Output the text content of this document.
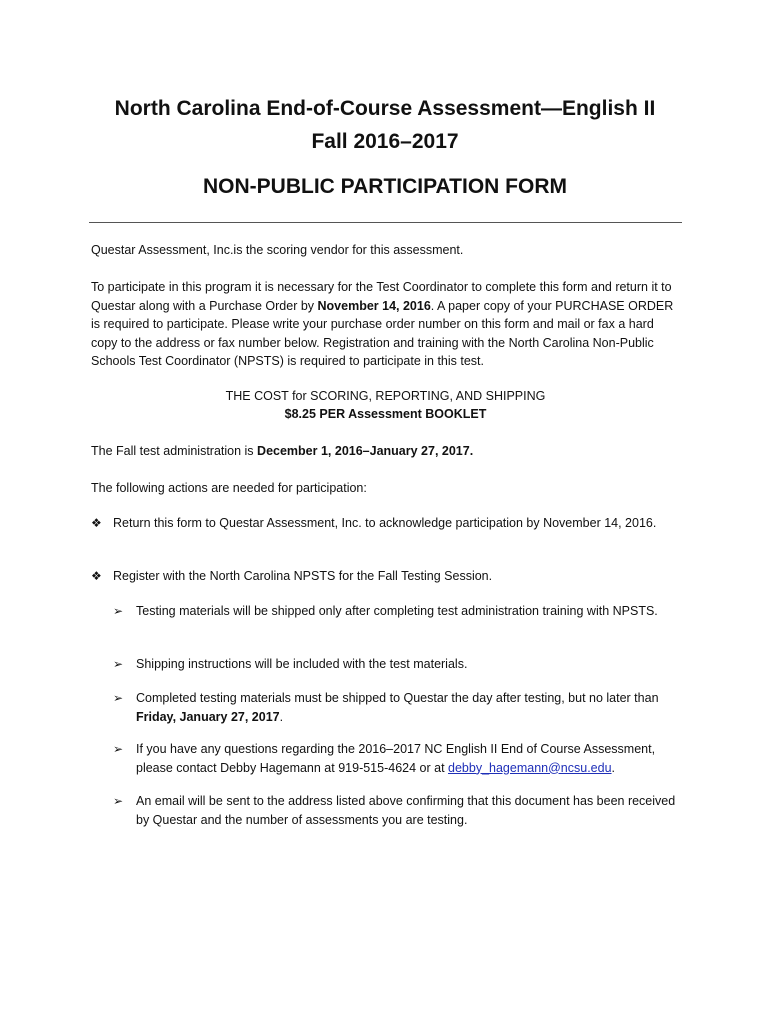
North Carolina End-of-Course Assessment—English II
Fall 2016–2017
NON-PUBLIC PARTICIPATION FORM

Questar Assessment, Inc.is the scoring vendor for this assessment.

To participate in this program it is necessary for the Test Coordinator to complete this form and return it to Questar along with a Purchase Order by November 14, 2016. A paper copy of your PURCHASE ORDER is required to participate. Please write your purchase order number on this form and mail or fax a hard copy to the address or fax number below. Registration and training with the North Carolina Non-Public Schools Test Coordinator (NPSTS) is required to participate in this test.

THE COST for SCORING, REPORTING, AND SHIPPING

$8.25 PER Assessment BOOKLET

The Fall test administration is December 1, 2016–January 27, 2017.

The following actions are needed for participation:

❖ Return this form to Questar Assessment, Inc. to acknowledge participation by November 14, 2016.
❖ Register with the North Carolina NPSTS for the Fall Testing Session.
➢ Testing materials will be shipped only after completing test administration training with NPSTS.
➢ Shipping instructions will be included with the test materials.
➢ Completed testing materials must be shipped to Questar the day after testing, but no later than Friday, January 27, 2017.
➢ If you have any questions regarding the 2016–2017 NC English II End of Course Assessment, please contact Debby Hagemann at 919-515-4624 or at debby_hagemann@ncsu.edu.
➢ An email will be sent to the address listed above confirming that this document has been received by Questar and the number of assessments you are testing.
